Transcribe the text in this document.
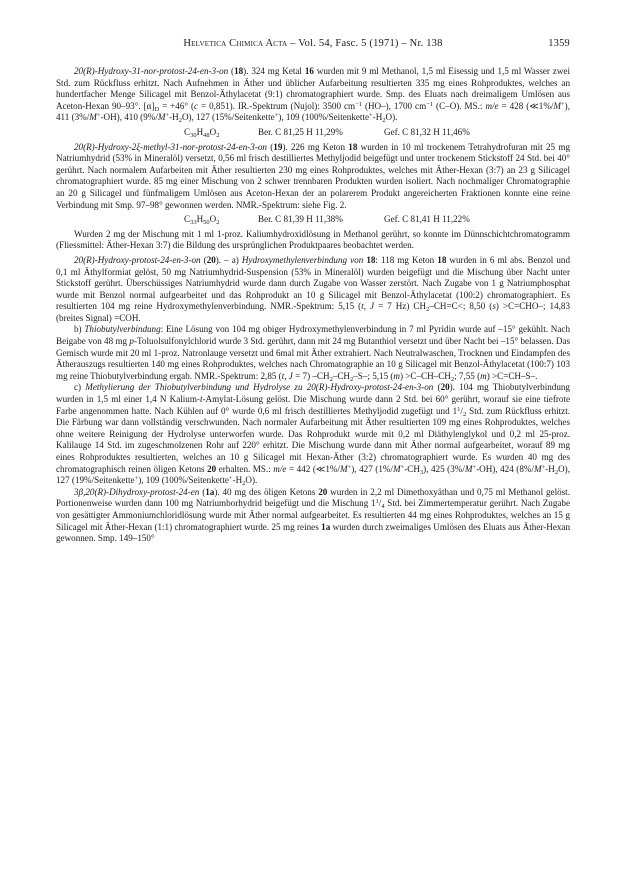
Helvetica Chimica Acta – Vol. 54, Fasc. 5 (1971) – Nr. 138	1359

20(R)-Hydroxy-31-nor-protost-24-en-3-on (18). 324 mg Ketal 16 wurden mit 9 ml Methanol, 1,5 ml Eisessig und 1,5 ml Wasser zwei Std. zum Rückfluss erhitzt. Nach Aufnehmen in Äther und üblicher Aufarbeitung resultierten 335 mg eines Rohproduktes, welches an hundertfacher Menge Silicagel mit Benzol-Äthylacetat (9:1) chromatographiert wurde. Smp. des Eluats nach dreimaligem Umlösen aus Aceton-Hexan 90–93°. $[\alpha]_D = +46^\circ$ (c = 0,851). IR.-Spektrum (Nujol): 3500 $cm^{-1}$ (HO–), 1700 $cm^{-1}$ (C–O). MS.: m/e = 428 (≪1%/M+), 411 (3%/M+-OH), 410 $(9\%/M^+-H_2O)$, 127 (15%/Seitenkette+), 109 $(100\%/Seitenkette^+-H_2O)$.

$C_{30}H_{48}O_2$	Ber. C 81,25 H 11,29%	Gef. C 81,32 H 11,46%

20(R)-Hydroxy-2ξ-methyl-31-nor-protost-24-en-3-on (19). 226 mg Keton 18 wurden in 10 ml trockenem Tetrahydrofuran mit 25 mg Natriumhydrid (53% in Mineralöl) versetzt, 0,56 ml frisch destilliertes Methyljodid beigefügt und unter trockenem Stickstoff 24 Std. bei 40° gerührt. Nach normalem Aufarbeiten mit Äther resultierten 230 mg eines Rohproduktes, welches mit Äther-Hexan (3:7) an 23 g Silicagel chromatographiert wurde. 85 mg einer Mischung von 2 schwer trennbaren Produkten wurden isoliert. Nach nochmaliger Chromatographie an 20 g Silicagel und fünfmaligem Umlösen aus Aceton-Hexan der an polarerem Produkt angereicherten Fraktionen konnte eine reine Verbindung mit Smp. 97–98° gewonnen werden. NMR.-Spektrum: siehe Fig. 2.

$C_{33}H_{50}O_2$	Ber. C 81,39 H 11,38%	Gef. C 81,41 H 11,22%

Wurden 2 mg der Mischung mit 1 ml 1-proz. Kaliumhydroxidlösung in Methanol gerührt, so konnte im Dünnschichtchromatogramm (Fliessmittel: Äther-Hexan 3:7) die Bildung des ursprünglichen Produktpaares beobachtet werden.

20(R)-Hydroxy-protost-24-en-3-on (20). – a) Hydroxymethylenverbindung von 18: 118 mg Keton 18 wurden in 6 ml abs. Benzol und 0,1 ml Äthylformiat gelöst, 50 mg Natriumhydrid-Suspension (53% in Mineralöl) wurden beigefügt und die Mischung über Nacht unter Stickstoff gerührt. Überschüssiges Natriumhydrid wurde dann durch Zugabe von Wasser zerstört. Nach Zugabe von 1 g Natriumphosphat wurde mit Benzol normal aufgearbeitet und das Rohprodukt an 10 g Silicagel mit Benzol-Äthylacetat (100:2) chromatographiert. Es resultierten 104 mg reine Hydroxymethylenverbindung. NMR.-Spektrum: 5,15 (t, J = 7 Hz) $CH_2-CH=C<$; 8,50 (s) >C=CHO–; 14,83 (breites Signal) =COH.

b) Thiobutylverbindung: Eine Lösung von 104 mg obiger Hydroxymethylenverbindung in 7 ml Pyridin wurde auf –15° gekühlt. Nach Beigabe von 48 mg p-Toluolsulfonylchlorid wurde 3 Std. gerührt, dann mit 24 mg Butanthiol versetzt und über Nacht bei –15° belassen. Das Gemisch wurde mit 20 ml 1-proz. Natronlauge versetzt und 6mal mit Äther extrahiert. Nach Neutralwaschen, Trocknen und Eindampfen des Ätherauszugs resultierten 140 mg eines Rohproduktes, welches nach Chromatographie an 10 g Silicagel mit Benzol-Äthylacetat (100:7) 103 mg reine Thiobutylverbindung ergab. NMR.-Spektrum: 2,85 (t, J = 7) $-CH_2-CH_2-S-$; 5,15 $(m) >C-CH-CH_2$; 7,55 (m) >C=CH–S–.

c) Methylierung der Thiobutylverbindung und Hydrolyse zu 20(R)-Hydroxy-protost-24-en-3-on (20). 104 mg Thiobutylverbindung wurden in 1,5 ml einer 1,4 N Kalium-t-Amylat-Lösung gelöst. Die Mischung wurde dann 2 Std. bei 60° gerührt, worauf sie eine tiefrote Farbe angenommen hatte. Nach Kühlen auf 0° wurde 0,6 ml frisch destilliertes Methyljodid zugefügt und $1^1/_2$ Std. zum Rückfluss erhitzt. Die Färbung war dann vollständig verschwunden. Nach normaler Aufarbeitung mit Äther resultierten 109 mg eines Rohproduktes, welches ohne weitere Reinigung der Hydrolyse unterworfen wurde. Das Rohprodukt wurde mit 0,2 ml Diäthylenglykol und 0,2 ml 25-proz. Kalilauge 14 Std. im zugeschmolzenen Rohr auf 220° erhitzt. Die Mischung wurde dann mit Äther normal aufgearbeitet, worauf 89 mg eines Rohproduktes resultierten, welches an 10 g Silicagel mit Hexan-Äther (3:2) chromatographiert wurde. Es wurden 40 mg des chromatographisch reinen öligen Ketons 20 erhalten. MS.: m/e = 442 (≪1%/M+), 427 $(1\%/M^+-CH_3)$, 425 (3%/M+-OH), 424 $(8\%/M^+-H_2O)$, 127 (19%/Seitenkette+), 109 $(100\%/Seitenkette^+-H_2O)$.

3β,20(R)-Dihydroxy-protost-24-en (1a). 40 mg des öligen Ketons 20 wurden in 2,2 ml Dimethoxyäthan und 0,75 ml Methanol gelöst. Portionenweise wurden dann 100 mg Natriumborhydrid beigefügt und die Mischung $1^1/_4$ Std. bei Zimmertemperatur gerührt. Nach Zugabe von gesättigter Ammoniumchloridlösung wurde mit Äther normal aufgearbeitet. Es resultierten 44 mg eines Rohproduktes, welches an 15 g Silicagel mit Äther-Hexan (1:1) chromatographiert wurde. 25 mg reines 1a wurden durch zweimaliges Umlösen des Eluats aus Äther-Hexan gewonnen. Smp. 149–150°
